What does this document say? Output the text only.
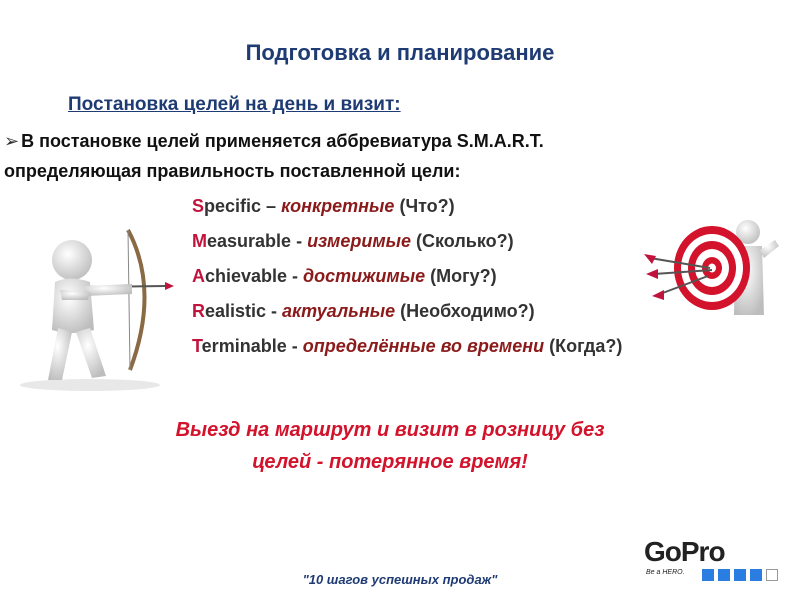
Подготовка и планирование
Постановка целей на день и визит:
➢ В постановке целей применяется аббревиатура S.M.A.R.T.
определяющая правильность поставленной цели:
Specific – конкретные (Что?)
Measurable - измеримые (Сколько?)
Achievable - достижимые (Могу?)
Realistic - актуальные (Необходимо?)
Terminable - определённые во времени (Когда?)
Выезд на маршрут и визит в розницу без
целей - потерянное время!
"10 шагов успешных продаж"
GoPro
Be a HERO.
